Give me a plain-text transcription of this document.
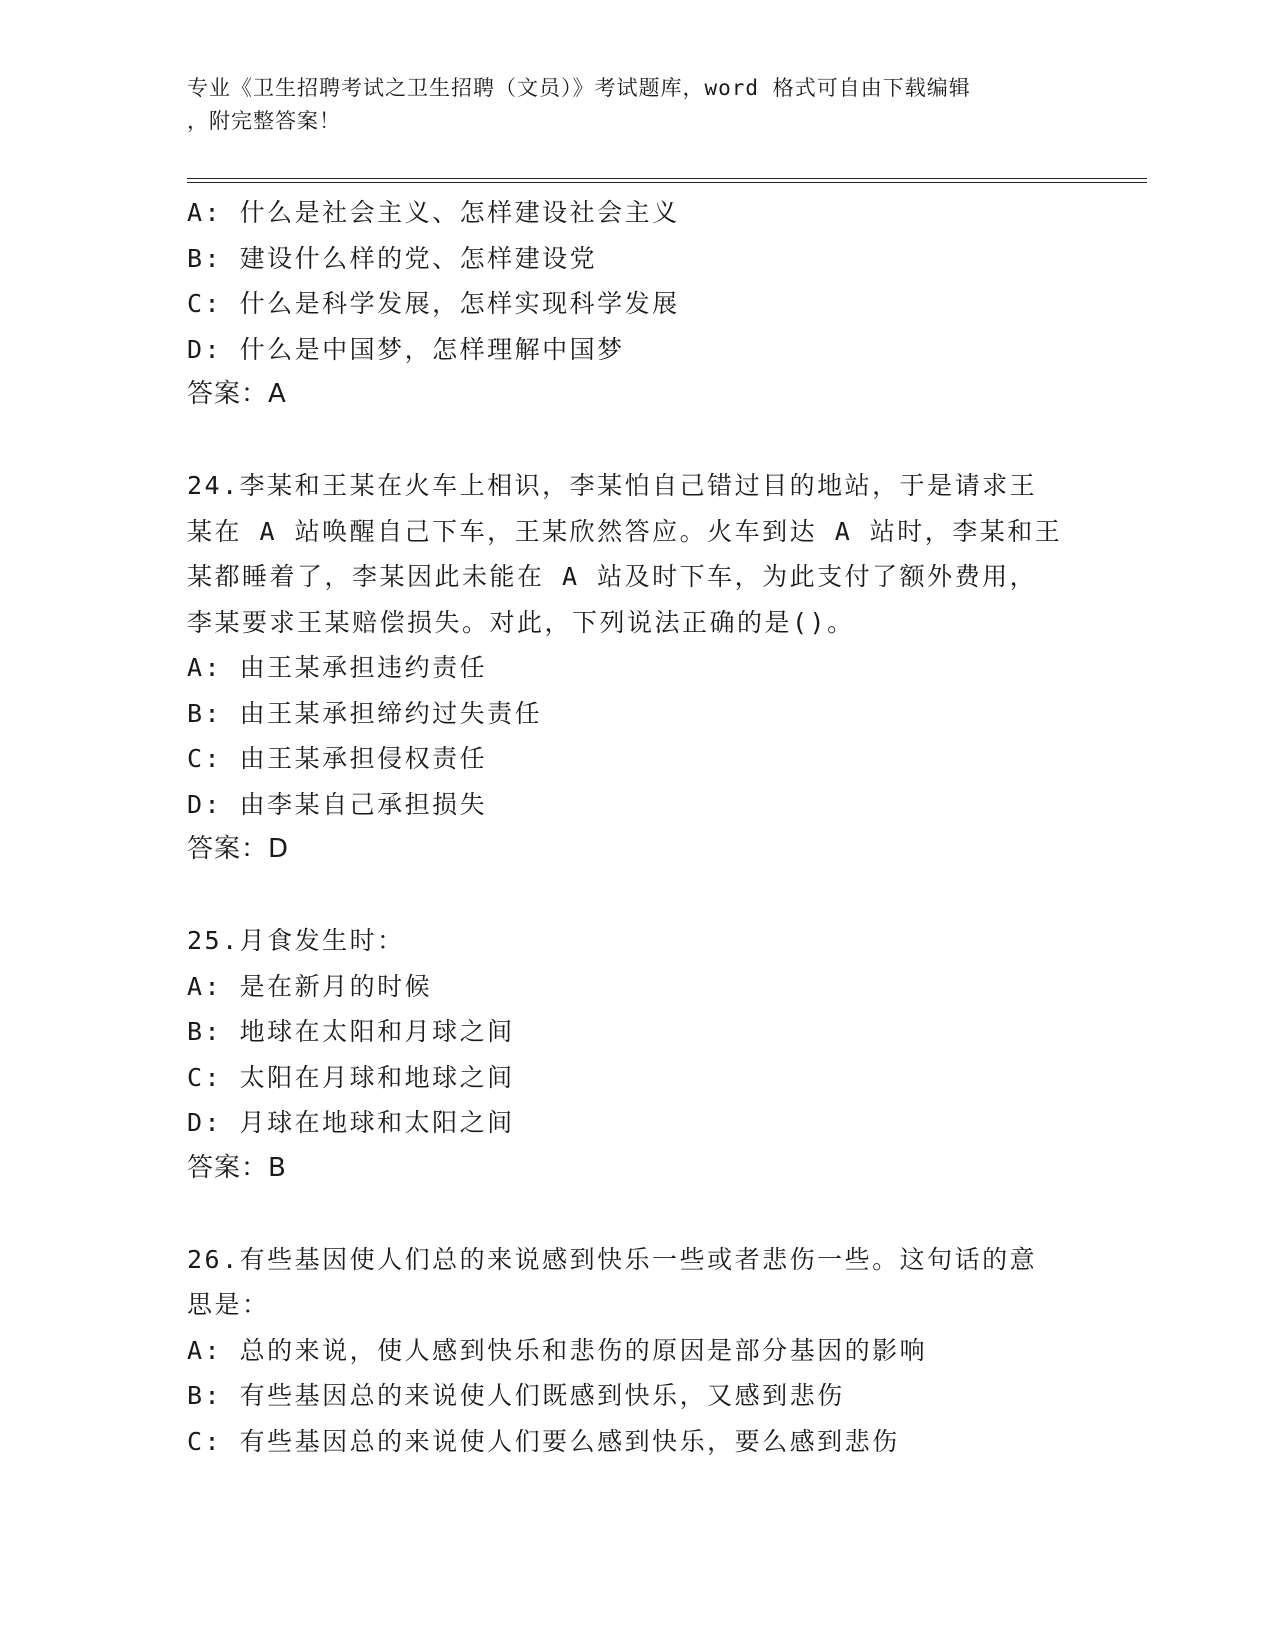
专业《卫生招聘考试之卫生招聘（文员）》考试题库，word 格式可自由下载编辑
，附完整答案！
A: 什么是社会主义、怎样建设社会主义
B: 建设什么样的党、怎样建设党
C: 什么是科学发展，怎样实现科学发展
D: 什么是中国梦，怎样理解中国梦
答案：A
24.李某和王某在火车上相识，李某怕自己错过目的地站，于是请求王
某在 A 站唤醒自己下车，王某欣然答应。火车到达 A 站时，李某和王
某都睡着了，李某因此未能在 A 站及时下车，为此支付了额外费用，
李某要求王某赔偿损失。对此，下列说法正确的是()。
A: 由王某承担违约责任
B: 由王某承担缔约过失责任
C: 由王某承担侵权责任
D: 由李某自己承担损失
答案：D
25.月食发生时：
A: 是在新月的时候
B: 地球在太阳和月球之间
C: 太阳在月球和地球之间
D: 月球在地球和太阳之间
答案：B
26.有些基因使人们总的来说感到快乐一些或者悲伤一些。这句话的意
思是：
A: 总的来说，使人感到快乐和悲伤的原因是部分基因的影响
B: 有些基因总的来说使人们既感到快乐，又感到悲伤
C: 有些基因总的来说使人们要么感到快乐，要么感到悲伤
